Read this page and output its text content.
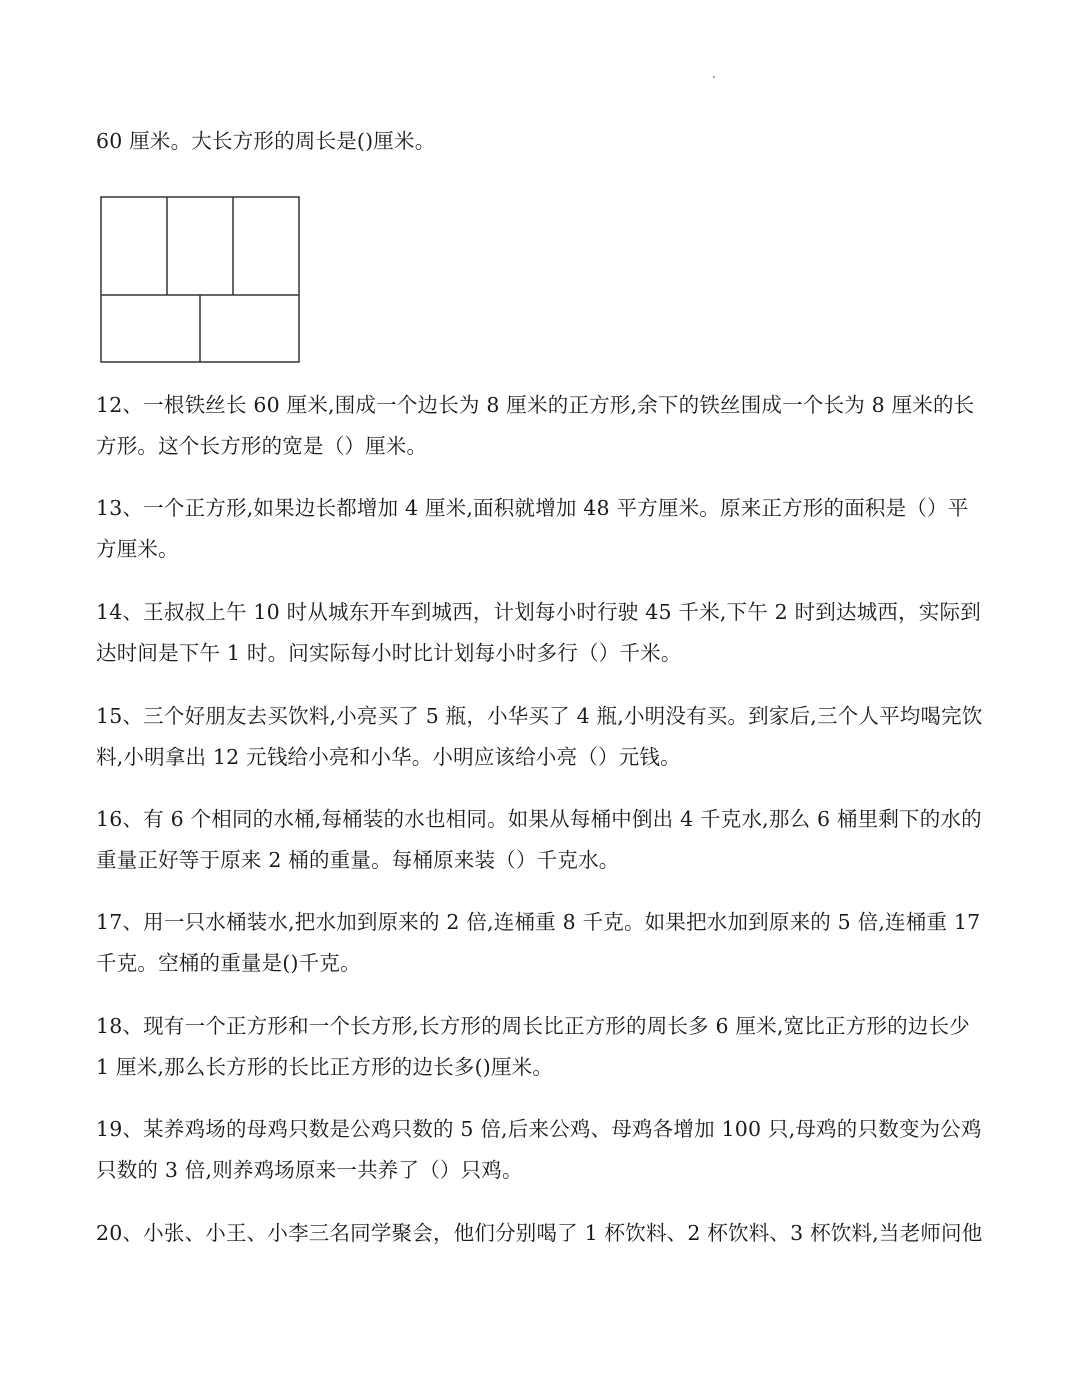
60 厘米。大长方形的周长是()厘米。
12、一根铁丝长 60 厘米,围成一个边长为 8 厘米的正方形,余下的铁丝围成一个长为 8 厘米的长
方形。这个长方形的宽是（）厘米。
13、一个正方形,如果边长都增加 4 厘米,面积就增加 48 平方厘米。原来正方形的面积是（）平
方厘米。
14、王叔叔上午 10 时从城东开车到城西，计划每小时行驶 45 千米,下午 2 时到达城西，实际到
达时间是下午 1 时。问实际每小时比计划每小时多行（）千米。
15、三个好朋友去买饮料,小亮买了 5 瓶，小华买了 4 瓶,小明没有买。到家后,三个人平均喝完饮
料,小明拿出 12 元钱给小亮和小华。小明应该给小亮（）元钱。
16、有 6 个相同的水桶,每桶装的水也相同。如果从每桶中倒出 4 千克水,那么 6 桶里剩下的水的
重量正好等于原来 2 桶的重量。每桶原来装（）千克水。
17、用一只水桶装水,把水加到原来的 2 倍,连桶重 8 千克。如果把水加到原来的 5 倍,连桶重 17
千克。空桶的重量是()千克。
18、现有一个正方形和一个长方形,长方形的周长比正方形的周长多 6 厘米,宽比正方形的边长少
1 厘米,那么长方形的长比正方形的边长多()厘米。
19、某养鸡场的母鸡只数是公鸡只数的 5 倍,后来公鸡、母鸡各增加 100 只,母鸡的只数变为公鸡
只数的 3 倍,则养鸡场原来一共养了（）只鸡。
20、小张、小王、小李三名同学聚会，他们分别喝了 1 杯饮料、2 杯饮料、3 杯饮料,当老师问他
